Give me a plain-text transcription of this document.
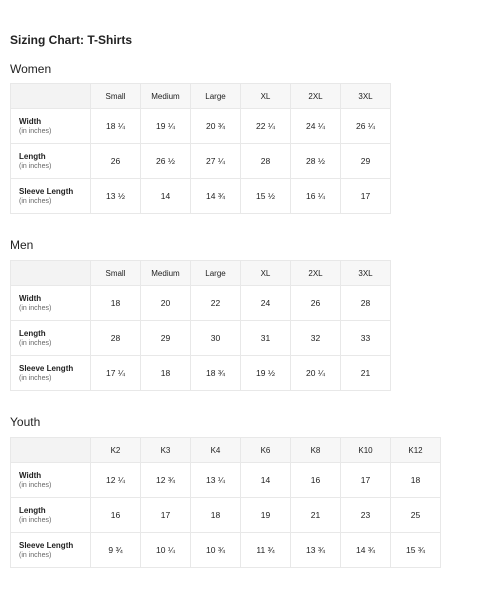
Sizing Chart: T-Shirts
Women
	Small	Medium	Large	XL	2XL	3XL

Width
(in inches)	18 ¼	19 ¼	20 ¾	22 ¼	24 ¼	26 ¼

Length
(in inches)	26	26 ½	27 ¼	28	28 ½	29

Sleeve Length
(in inches)	13 ½	14	14 ¾	15 ½	16 ¼	17
Men
	Small	Medium	Large	XL	2XL	3XL

Width
(in inches)	18	20	22	24	26	28

Length
(in inches)	28	29	30	31	32	33

Sleeve Length
(in inches)	17 ¼	18	18 ¾	19 ½	20 ¼	21
Youth
	K2	K3	K4	K6	K8	K10	K12

Width
(in inches)	12 ¼	12 ¾	13 ¼	14	16	17	18

Length
(in inches)	16	17	18	19	21	23	25

Sleeve Length
(in inches)	9 ¾	10 ¼	10 ¾	11 ¾	13 ¾	14 ¾	15 ¾
